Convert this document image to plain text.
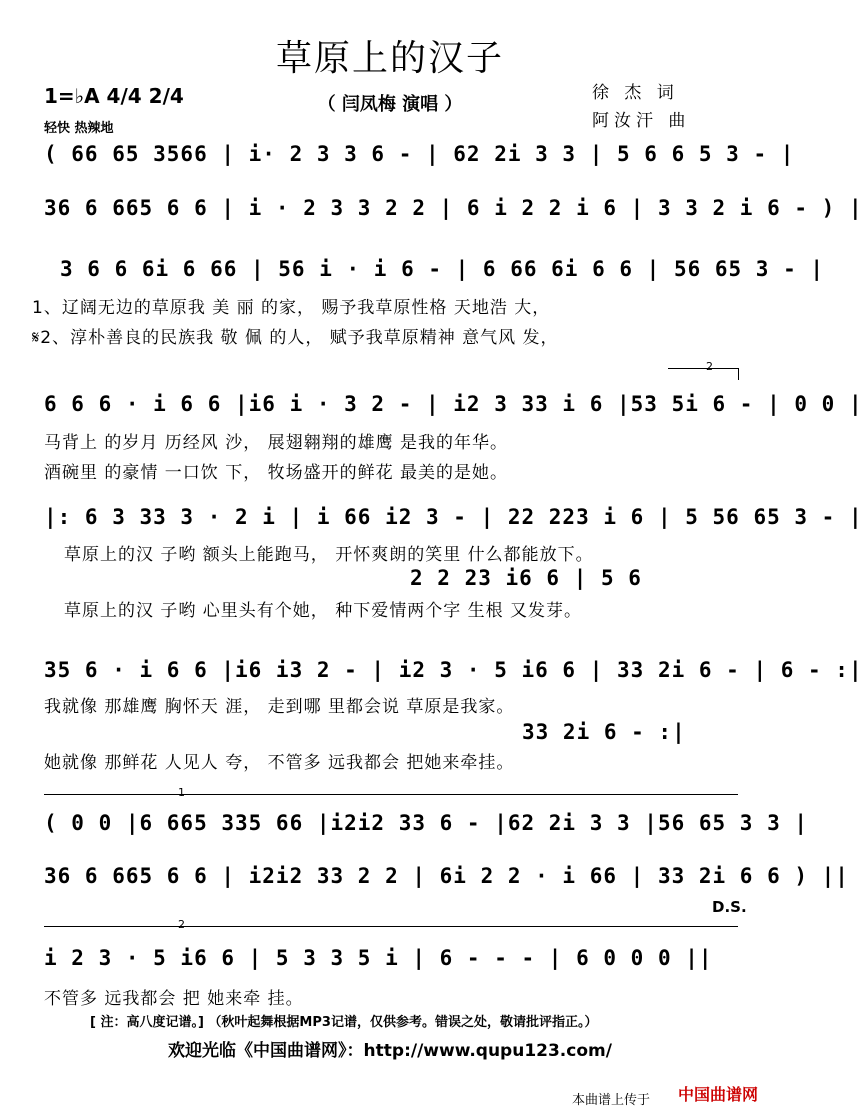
草原上的汉子
（ 闫凤梅 演唱 ）
1=♭A 4/4 2/4
轻快 热辣地
徐 杰 词
阿汝汗 曲
( 66 65 3566 | i· 2 3 3 6 - | 62 2i 3 3 | 5 6 6 5 3 - |
36 6 665 6 6 | i · 2 3 3 2 2 | 6 i 2 2 i 6 | 3 3 2 i 6 - ) |
3 6 6 6i 6 66 | 56 i · i 6 - | 6 66 6i 6 6 | 56 65 3 - |
1、辽阔无边的草原我 美 丽 的家， 赐予我草原性格 天地浩 大，
𝄋2、淳朴善良的民族我 敬 佩 的人， 赋予我草原精神 意气风 发，
2
6 6 6 · i 6 6 |i6 i · 3 2 - | i2 3 33 i 6 |53 5i 6 - | 0 0 |
马背上 的岁月 历经风 沙， 展翅翱翔的雄鹰 是我的年华。
酒碗里 的豪情 一口饮 下， 牧场盛开的鲜花 最美的是她。
|: 6 3 33 3 · 2 i | i 66 i2 3 - | 22 223 i 6 | 5 56 65 3 - |
草原上的汉 子哟 额头上能跑马， 开怀爽朗的笑里 什么都能放下。
2 2 23 i6 6 | 5 6
草原上的汉 子哟 心里头有个她， 种下爱情两个字 生根 又发芽。
35 6 · i 6 6 |i6 i3 2 - | i2 3 · 5 i6 6 | 33 2i 6 - | 6 - :|
我就像 那雄鹰 胸怀天 涯， 走到哪 里都会说 草原是我家。
33 2i 6 - :|
她就像 那鲜花 人见人 夸， 不管多 远我都会 把她来牵挂。
1
( 0 0 |6 665 335 66 |i2i2 33 6 - |62 2i 3 3 |56 65 3 3 |
36 6 665 6 6 | i2i2 33 2 2 | 6i 2 2 · i 66 | 33 2i 6 6 ) ||
D.S.
2
i 2 3 · 5 i6 6 | 5 3 3 5 i | 6 - - - | 6 0 0 0 ||
不管多 远我都会 把 她来牵 挂。
[ 注：高八度记谱。] （秋叶起舞根据MP3记谱，仅供参考。错误之处，敬请批评指正。）
欢迎光临《中国曲谱网》：http://www.qupu123.com/
本曲谱上传于 中国曲谱网
